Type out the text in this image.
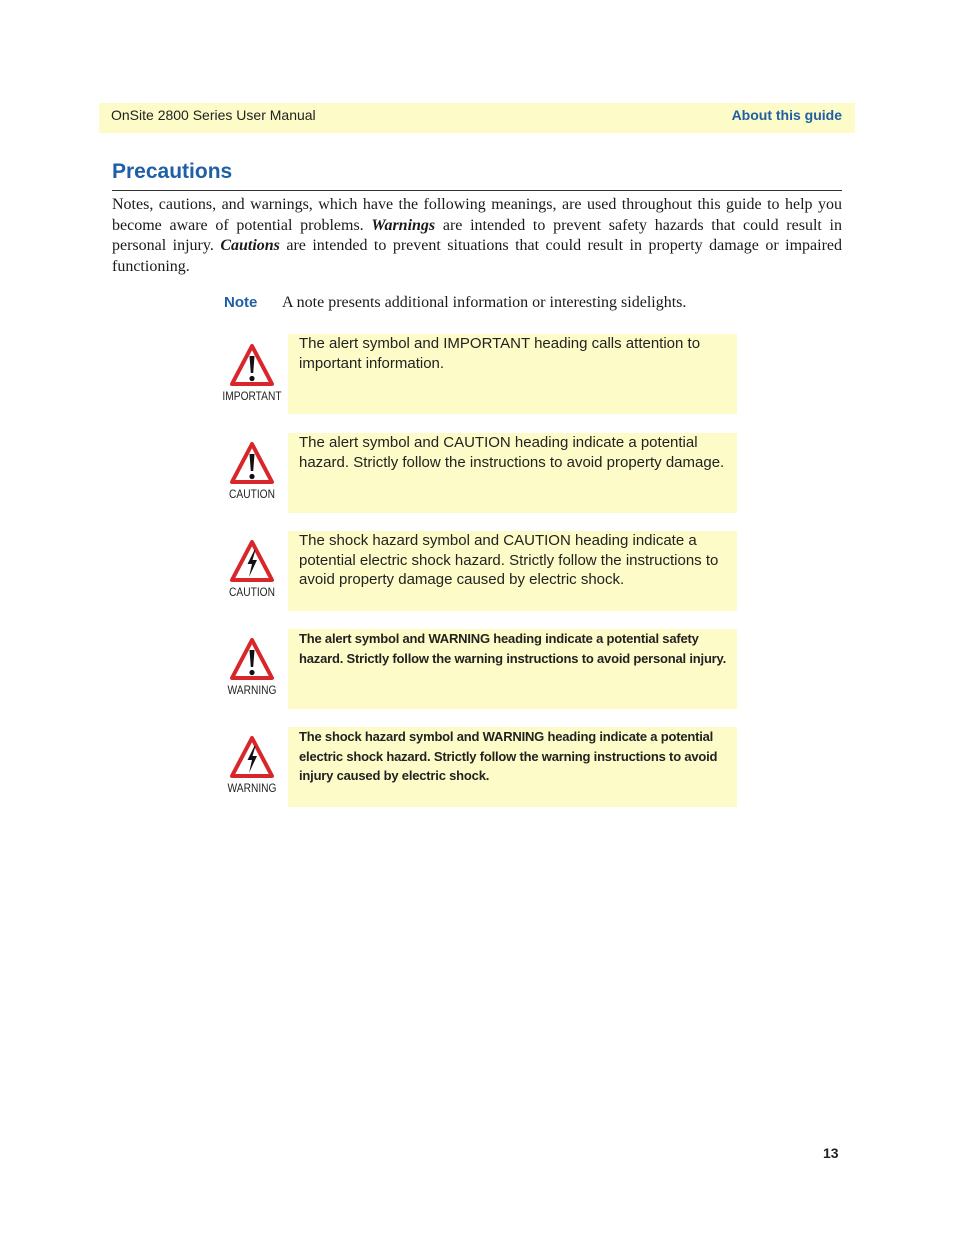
OnSite 2800 Series User Manual	About this guide
Precautions

Notes, cautions, and warnings, which have the following meanings, are used throughout this guide to help you become aware of potential problems. Warnings are intended to prevent safety hazards that could result in personal injury. Cautions are intended to prevent situations that could result in property damage or impaired functioning.

Note A note presents additional information or interesting sidelights.
IMPORTANT
The alert symbol and IMPORTANT heading calls attention to important information.
CAUTION
The alert symbol and CAUTION heading indicate a potential hazard. Strictly follow the instructions to avoid property damage.
CAUTION
The shock hazard symbol and CAUTION heading indicate a potential electric shock hazard. Strictly follow the instructions to avoid property damage caused by electric shock.
WARNING
The alert symbol and WARNING heading indicate a potential safety hazard. Strictly follow the warning instructions to avoid personal injury.
WARNING
The shock hazard symbol and WARNING heading indicate a potential electric shock hazard. Strictly follow the warning instructions to avoid injury caused by electric shock.
13
